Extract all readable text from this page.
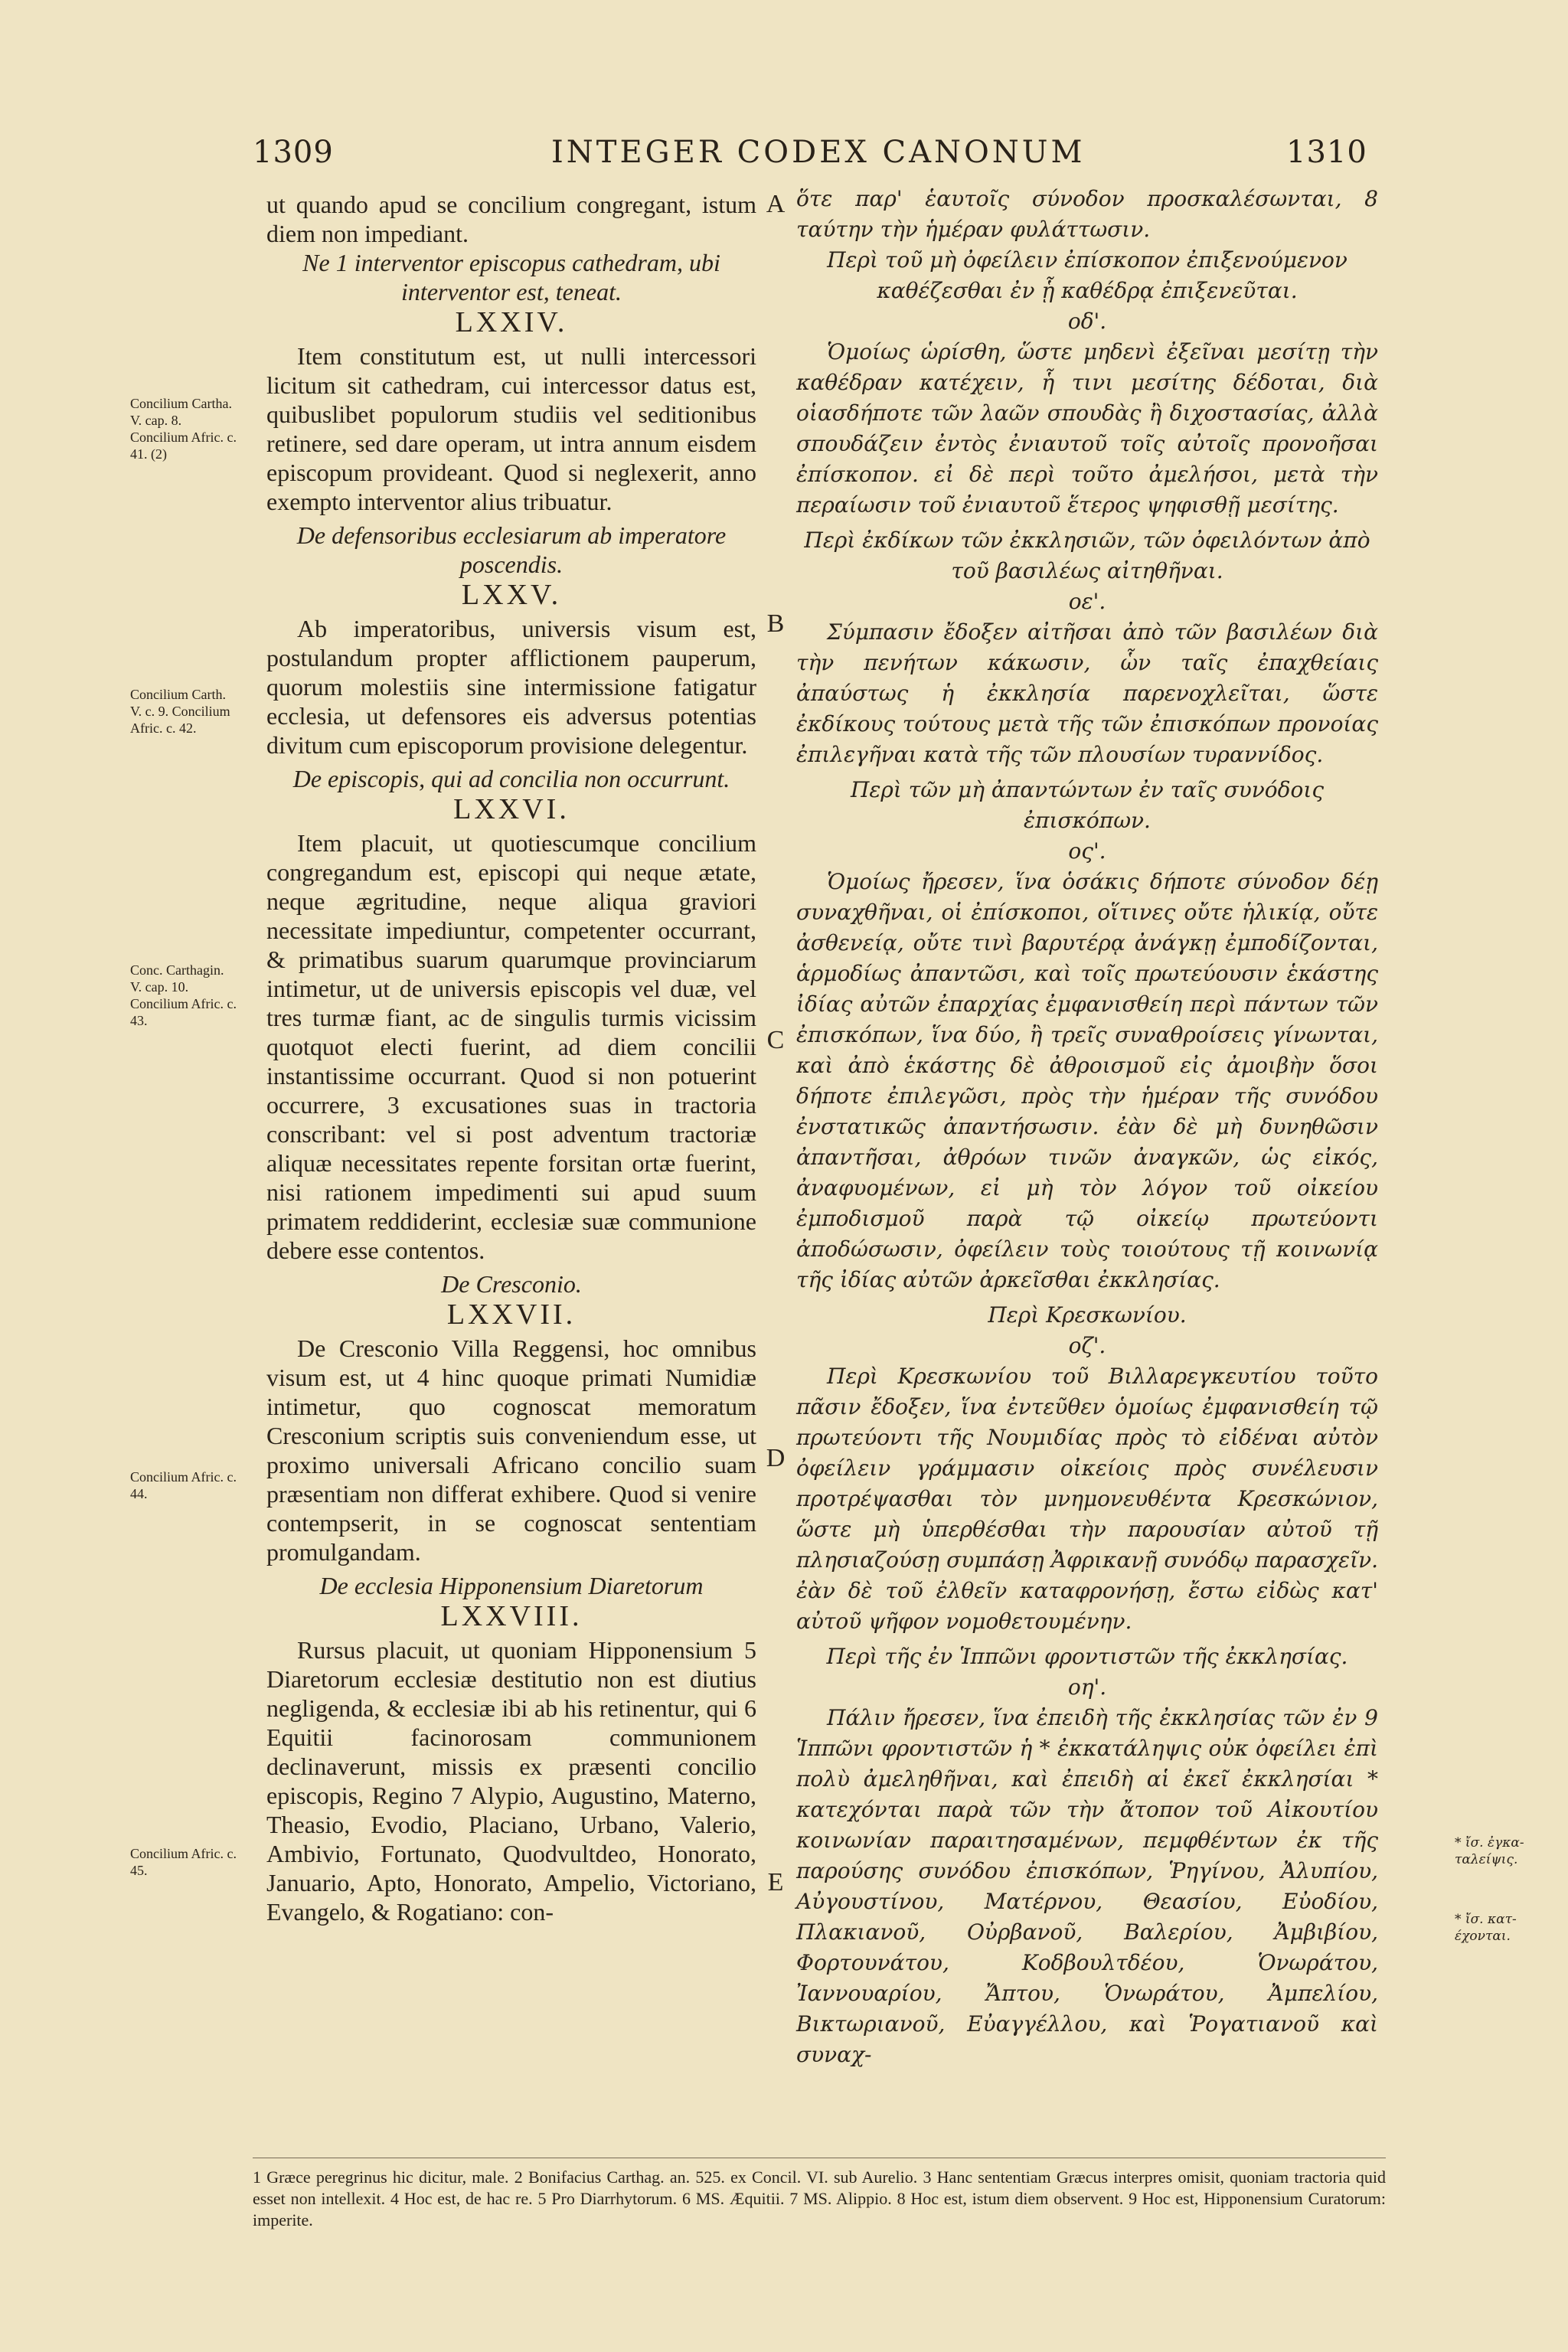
1309	INTEGER CODEX CANONUM	1310
Concilium Cartha. V. cap. 8. Concilium Afric. c. 41. (2)
Concilium Carth. V. c. 9. Concilium Afric. c. 42.
Conc. Carthagin. V. cap. 10. Concilium Afric. c. 43.
Concilium Afric. c. 44.
Concilium Afric. c. 45.
A
B
C
D
E
* ἴσ. ἐγκα-ταλείψις.
* ἴσ. κατ-έχονται.

ut quando apud se concilium congregant, istum diem non impediant.

Ne 1 interventor episcopus cathedram, ubi interventor est, teneat.

LXXIV.

Item constitutum est, ut nulli intercessori licitum sit cathedram, cui intercessor datus est, quibuslibet populorum studiis vel seditionibus retinere, sed dare operam, ut intra annum eisdem episcopum provideant. Quod si neglexerit, anno exempto interventor alius tribuatur.

De defensoribus ecclesiarum ab imperatore poscendis.

LXXV.

Ab imperatoribus, universis visum est, postulandum propter afflictionem pauperum, quorum molestiis sine intermissione fatigatur ecclesia, ut defensores eis adversus potentias divitum cum episcoporum provisione delegentur.

De episcopis, qui ad concilia non occurrunt.

LXXVI.

Item placuit, ut quotiescumque concilium congregandum est, episcopi qui neque ætate, neque ægritudine, neque aliqua graviori necessitate impediuntur, competenter occurrant, & primatibus suarum quarumque provinciarum intimetur, ut de universis episcopis vel duæ, vel tres turmæ fiant, ac de singulis turmis vicissim quotquot electi fuerint, ad diem concilii instantissime occurrant. Quod si non potuerint occurrere, 3 excusationes suas in tractoria conscribant: vel si post adventum tractoriæ aliquæ necessitates repente forsitan ortæ fuerint, nisi rationem impedimenti sui apud suum primatem reddiderint, ecclesiæ suæ communione debere esse contentos.

De Cresconio.

LXXVII.

De Cresconio Villa Reggensi, hoc omnibus visum est, ut 4 hinc quoque primati Numidiæ intimetur, quo cognoscat memoratum Cresconium scriptis suis conveniendum esse, ut proximo universali Africano concilio suam præsentiam non differat exhibere. Quod si venire contempserit, in se cognoscat sententiam promulgandam.

De ecclesia Hipponensium Diaretorum

LXXVIII.

Rursus placuit, ut quoniam Hipponensium 5 Diaretorum ecclesiæ destitutio non est diutius negligenda, & ecclesiæ ibi ab his retinentur, qui 6 Equitii facinorosam communionem declinaverunt, missis ex præsenti concilio episcopis, Regino 7 Alypio, Augustino, Materno, Theasio, Evodio, Placiano, Urbano, Valerio, Ambivio, Fortunato, Quodvultdeo, Honorato, Januario, Apto, Honorato, Ampelio, Victoriano, Evangelo, & Rogatiano: con-

ὅτε παρ' ἑαυτοῖς σύνοδον προσκαλέσωνται, 8 ταύτην τὴν ἡμέραν φυλάττωσιν.

Περὶ τοῦ μὴ ὀφείλειν ἐπίσκοπον ἐπιξενούμενον καθέζεσθαι ἐν ᾗ καθέδρᾳ ἐπιξενεῦται.

οδ'.

Ὁμοίως ὡρίσθη, ὥστε μηδενὶ ἐξεῖναι μεσίτῃ τὴν καθέδραν κατέχειν, ἧ τινι μεσίτης δέδοται, διὰ οἱασδήποτε τῶν λαῶν σπουδὰς ἢ διχοστασίας, ἀλλὰ σπουδάζειν ἐντὸς ἐνιαυτοῦ τοῖς αὐτοῖς προνοῆσαι ἐπίσκοπον. εἰ δὲ περὶ τοῦτο ἀμελήσοι, μετὰ τὴν περαίωσιν τοῦ ἐνιαυτοῦ ἕτερος ψηφισθῇ μεσίτης.

Περὶ ἐκδίκων τῶν ἐκκλησιῶν, τῶν ὀφειλόντων ἀπὸ τοῦ βασιλέως αἰτηθῆναι.

οε'.

Σύμπασιν ἔδοξεν αἰτῆσαι ἀπὸ τῶν βασιλέων διὰ τὴν πενήτων κάκωσιν, ὧν ταῖς ἐπαχθείαις ἀπαύστως ἡ ἐκκλησία παρενοχλεῖται, ὥστε ἐκδίκους τούτους μετὰ τῆς τῶν ἐπισκόπων προνοίας ἐπιλεγῆναι κατὰ τῆς τῶν πλουσίων τυραννίδος.

Περὶ τῶν μὴ ἀπαντώντων ἐν ταῖς συνόδοις ἐπισκόπων.

ος'.

Ὁμοίως ἤρεσεν, ἵνα ὁσάκις δήποτε σύνοδον δέῃ συναχθῆναι, οἱ ἐπίσκοποι, οἵτινες οὔτε ἡλικίᾳ, οὔτε ἀσθενείᾳ, οὔτε τινὶ βαρυτέρᾳ ἀνάγκῃ ἐμποδίζονται, ἁρμοδίως ἀπαντῶσι, καὶ τοῖς πρωτεύουσιν ἑκάστης ἰδίας αὐτῶν ἐπαρχίας ἐμφανισθείη περὶ πάντων τῶν ἐπισκόπων, ἵνα δύο, ἢ τρεῖς συναθροίσεις γίνωνται, καὶ ἀπὸ ἑκάστης δὲ ἀθροισμοῦ εἰς ἀμοιβὴν ὅσοι δήποτε ἐπιλεγῶσι, πρὸς τὴν ἡμέραν τῆς συνόδου ἐνστατικῶς ἀπαντήσωσιν. ἐὰν δὲ μὴ δυνηθῶσιν ἀπαντῆσαι, ἀθρόων τινῶν ἀναγκῶν, ὡς εἰκός, ἀναφυομένων, εἰ μὴ τὸν λόγον τοῦ οἰκείου ἐμποδισμοῦ παρὰ τῷ οἰκείῳ πρωτεύοντι ἀποδώσωσιν, ὀφείλειν τοὺς τοιούτους τῇ κοινωνίᾳ τῆς ἰδίας αὐτῶν ἀρκεῖσθαι ἐκκλησίας.

Περὶ Κρεσκωνίου.

οζ'.

Περὶ Κρεσκωνίου τοῦ Βιλλαρεγκευτίου τοῦτο πᾶσιν ἔδοξεν, ἵνα ἐντεῦθεν ὁμοίως ἐμφανισθείη τῷ πρωτεύοντι τῆς Νουμιδίας πρὸς τὸ εἰδέναι αὐτὸν ὀφείλειν γράμμασιν οἰκείοις πρὸς συνέλευσιν προτρέψασθαι τὸν μνημονευθέντα Κρεσκώνιον, ὥστε μὴ ὑπερθέσθαι τὴν παρουσίαν αὐτοῦ τῇ πλησιαζούσῃ συμπάσῃ Ἀφρικανῇ συνόδῳ παρασχεῖν. ἐὰν δὲ τοῦ ἐλθεῖν καταφρονήσῃ, ἔστω εἰδὼς κατ' αὐτοῦ ψῆφον νομοθετουμένην.

Περὶ τῆς ἐν Ἱππῶνι φροντιστῶν τῆς ἐκκλησίας.

οη'.

Πάλιν ἤρεσεν, ἵνα ἐπειδὴ τῆς ἐκκλησίας τῶν ἐν 9 Ἱππῶνι φροντιστῶν ἡ * ἐκκατάληψις οὐκ ὀφείλει ἐπὶ πολὺ ἀμεληθῆναι, καὶ ἐπειδὴ αἱ ἐκεῖ ἐκκλησίαι * κατεχόνται παρὰ τῶν τὴν ἄτοπον τοῦ Αἰκουτίου κοινωνίαν παραιτησαμένων, πεμφθέντων ἐκ τῆς παρούσης συνόδου ἐπισκόπων, Ῥηγίνου, Ἀλυπίου, Αὐγουστίνου, Ματέρνου, Θεασίου, Εὐοδίου, Πλακιανοῦ, Οὐρβανοῦ, Βαλερίου, Ἀμβιβίου, Φορτουνάτου, Κοδβουλτδέου, Ὁνωράτου, Ἰαννουαρίου, Ἄπτου, Ὁνωράτου, Ἀμπελίου, Βικτωριανοῦ, Εὐαγγέλλου, καὶ Ῥογατιανοῦ καὶ συναχ-

1 Græce peregrinus hic dicitur, male. 2 Bonifacius Carthag. an. 525. ex Concil. VI. sub Aurelio. 3 Hanc sententiam Græcus interpres omisit, quoniam tractoria quid esset non intellexit. 4 Hoc est, de hac re. 5 Pro Diarrhytorum. 6 MS. Æquitii. 7 MS. Alippio. 8 Hoc est, istum diem observent. 9 Hoc est, Hipponensium Curatorum: imperite.
